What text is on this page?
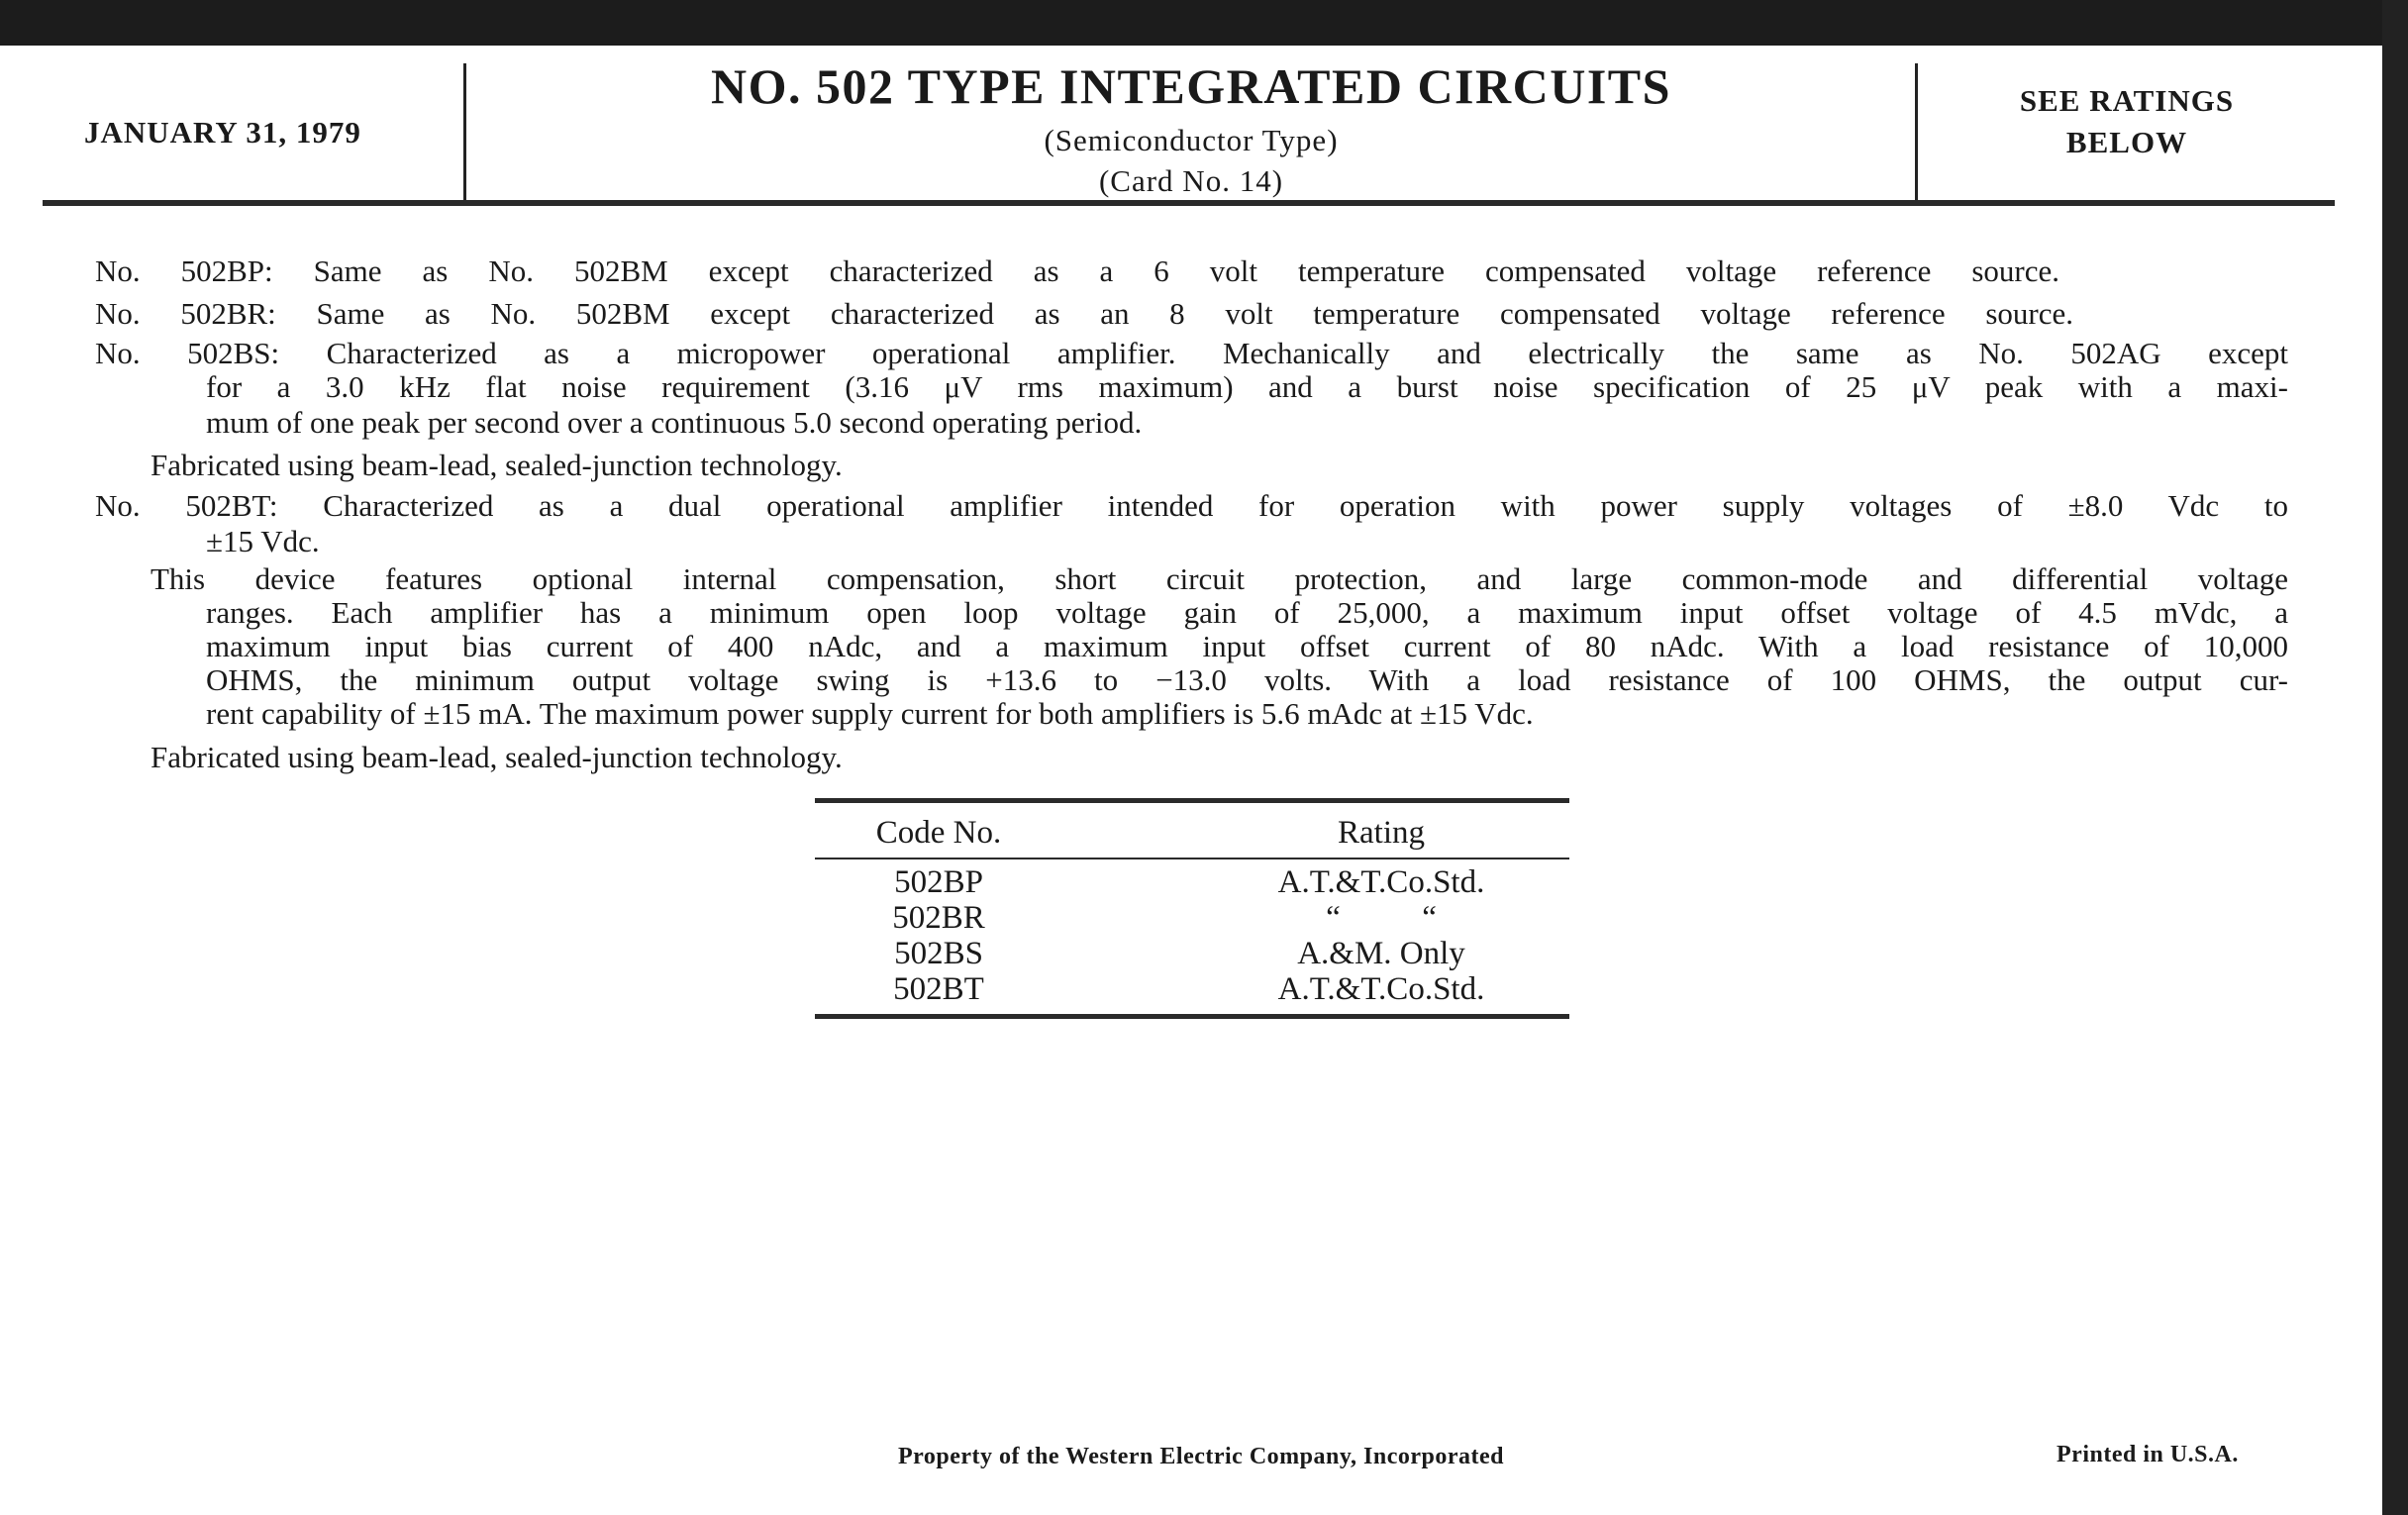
JANUARY 31, 1979
NO. 502 TYPE INTEGRATED CIRCUITS
(Semiconductor Type)
(Card No. 14)
SEE RATINGS
BELOW
No. 502BP: Same as No. 502BM except characterized as a 6 volt temperature compensated voltage reference source.
No. 502BR: Same as No. 502BM except characterized as an 8 volt temperature compensated voltage reference source.
No. 502BS: Characterized as a micropower operational amplifier. Mechanically and electrically the same as No. 502AG except
for a 3.0 kHz flat noise requirement (3.16 μV rms maximum) and a burst noise specification of 25 μV peak with a maxi-
mum of one peak per second over a continuous 5.0 second operating period.
Fabricated using beam-lead, sealed-junction technology.
No. 502BT: Characterized as a dual operational amplifier intended for operation with power supply voltages of ±8.0 Vdc to
±15 Vdc.
This device features optional internal compensation, short circuit protection, and large common-mode and differential voltage
ranges. Each amplifier has a minimum open loop voltage gain of 25,000, a maximum input offset voltage of 4.5 mVdc, a
maximum input bias current of 400 nAdc, and a maximum input offset current of 80 nAdc. With a load resistance of 10,000
OHMS, the minimum output voltage swing is +13.6 to −13.0 volts. With a load resistance of 100 OHMS, the output cur-
rent capability of ±15 mA. The maximum power supply current for both amplifiers is 5.6 mAdc at ±15 Vdc.
Fabricated using beam-lead, sealed-junction technology.
Code No.	Rating
502BP	A.T.&T.Co.Std.
502BR	“          “
502BS	A.&M. Only
502BT	A.T.&T.Co.Std.
Property of the Western Electric Company, Incorporated	Printed in U.S.A.
